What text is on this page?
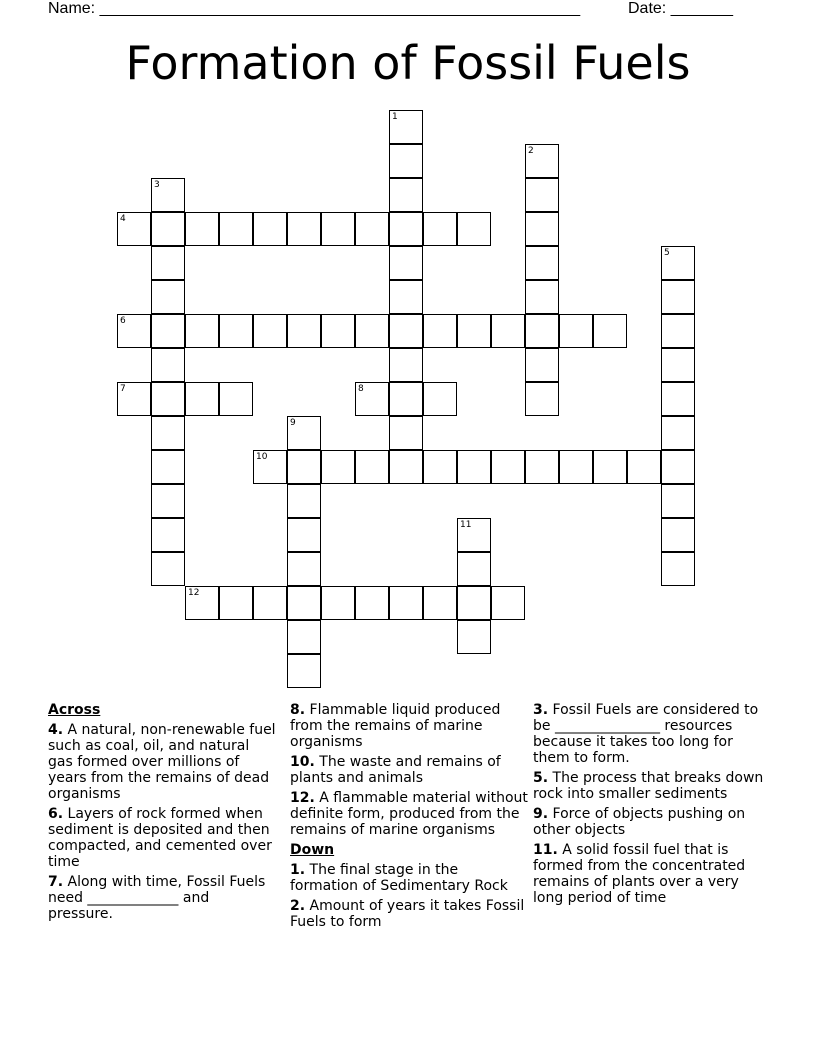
Name: ______________________________________________________	Date: _______
Formation of Fossil Fuels
1
2
3
4
5
6
7	8
9
10
11
12
Across
4. A natural, non-renewable fuel such as coal, oil, and natural gas formed over millions of years from the remains of dead organisms
6. Layers of rock formed when sediment is deposited and then compacted, and cemented over time
7. Along with time, Fossil Fuels need _____________ and pressure.
8. Flammable liquid produced from the remains of marine organisms
10. The waste and remains of plants and animals
12. A flammable material without definite form, produced from the remains of marine organisms
Down
1. The final stage in the formation of Sedimentary Rock
2. Amount of years it takes Fossil Fuels to form
3. Fossil Fuels are considered to be _______________ resources because it takes too long for them to form.
5. The process that breaks down rock into smaller sediments
9. Force of objects pushing on other objects
11. A solid fossil fuel that is formed from the concentrated remains of plants over a very long period of time
